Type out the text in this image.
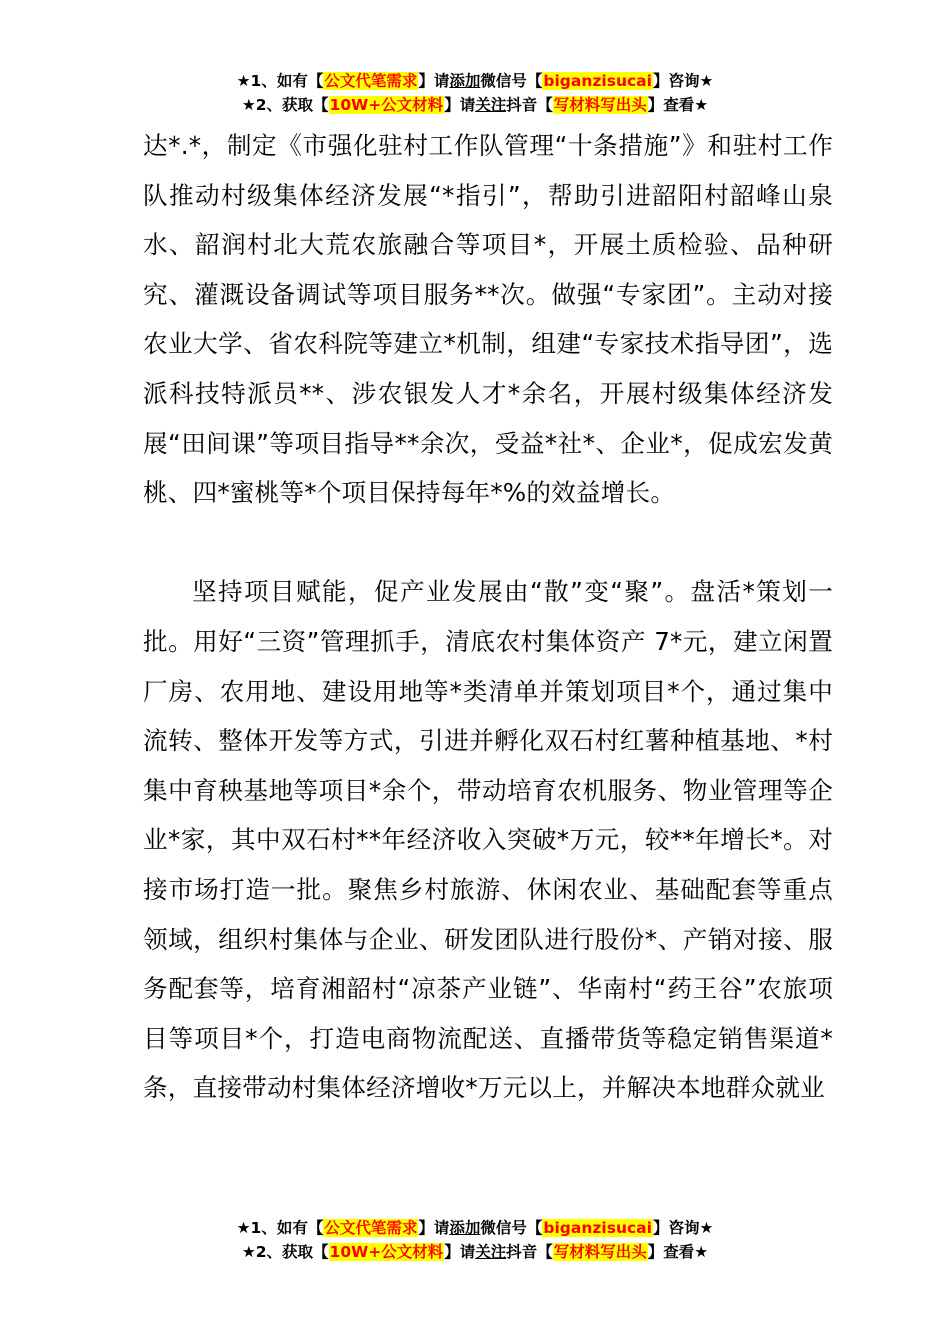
★1、如有【公文代笔需求】请添加微信号【biganzisucai】咨询★
★2、获取【10W+公文材料】请关注抖音【写材料写出头】查看★

达*.*，制定《市强化驻村工作队管理“十条措施”》和驻村工作队推动村级集体经济发展“*指引”，帮助引进韶阳村韶峰山泉水、韶润村北大荒农旅融合等项目*，开展土质检验、品种研究、灌溉设备调试等项目服务**次。做强“专家团”。主动对接农业大学、省农科院等建立*机制，组建“专家技术指导团”，选派科技特派员**、涉农银发人才*余名，开展村级集体经济发展“田间课”等项目指导**余次，受益*社*、企业*，促成宏发黄桃、四*蜜桃等*个项目保持每年*%的效益增长。

坚持项目赋能，促产业发展由“散”变“聚”。盘活*策划一批。用好“三资”管理抓手，清底农村集体资产 7*元，建立闲置厂房、农用地、建设用地等*类清单并策划项目*个，通过集中流转、整体开发等方式，引进并孵化双石村红薯种植基地、*村集中育秧基地等项目*余个，带动培育农机服务、物业管理等企业*家，其中双石村**年经济收入突破*万元，较**年增长*。对接市场打造一批。聚焦乡村旅游、休闲农业、基础配套等重点领域，组织村集体与企业、研发团队进行股份*、产销对接、服务配套等，培育湘韶村“凉茶产业链”、华南村“药王谷”农旅项目等项目*个，打造电商物流配送、直播带货等稳定销售渠道*条，直接带动村集体经济增收*万元以上，并解决本地群众就业

★1、如有【公文代笔需求】请添加微信号【biganzisucai】咨询★
★2、获取【10W+公文材料】请关注抖音【写材料写出头】查看★
